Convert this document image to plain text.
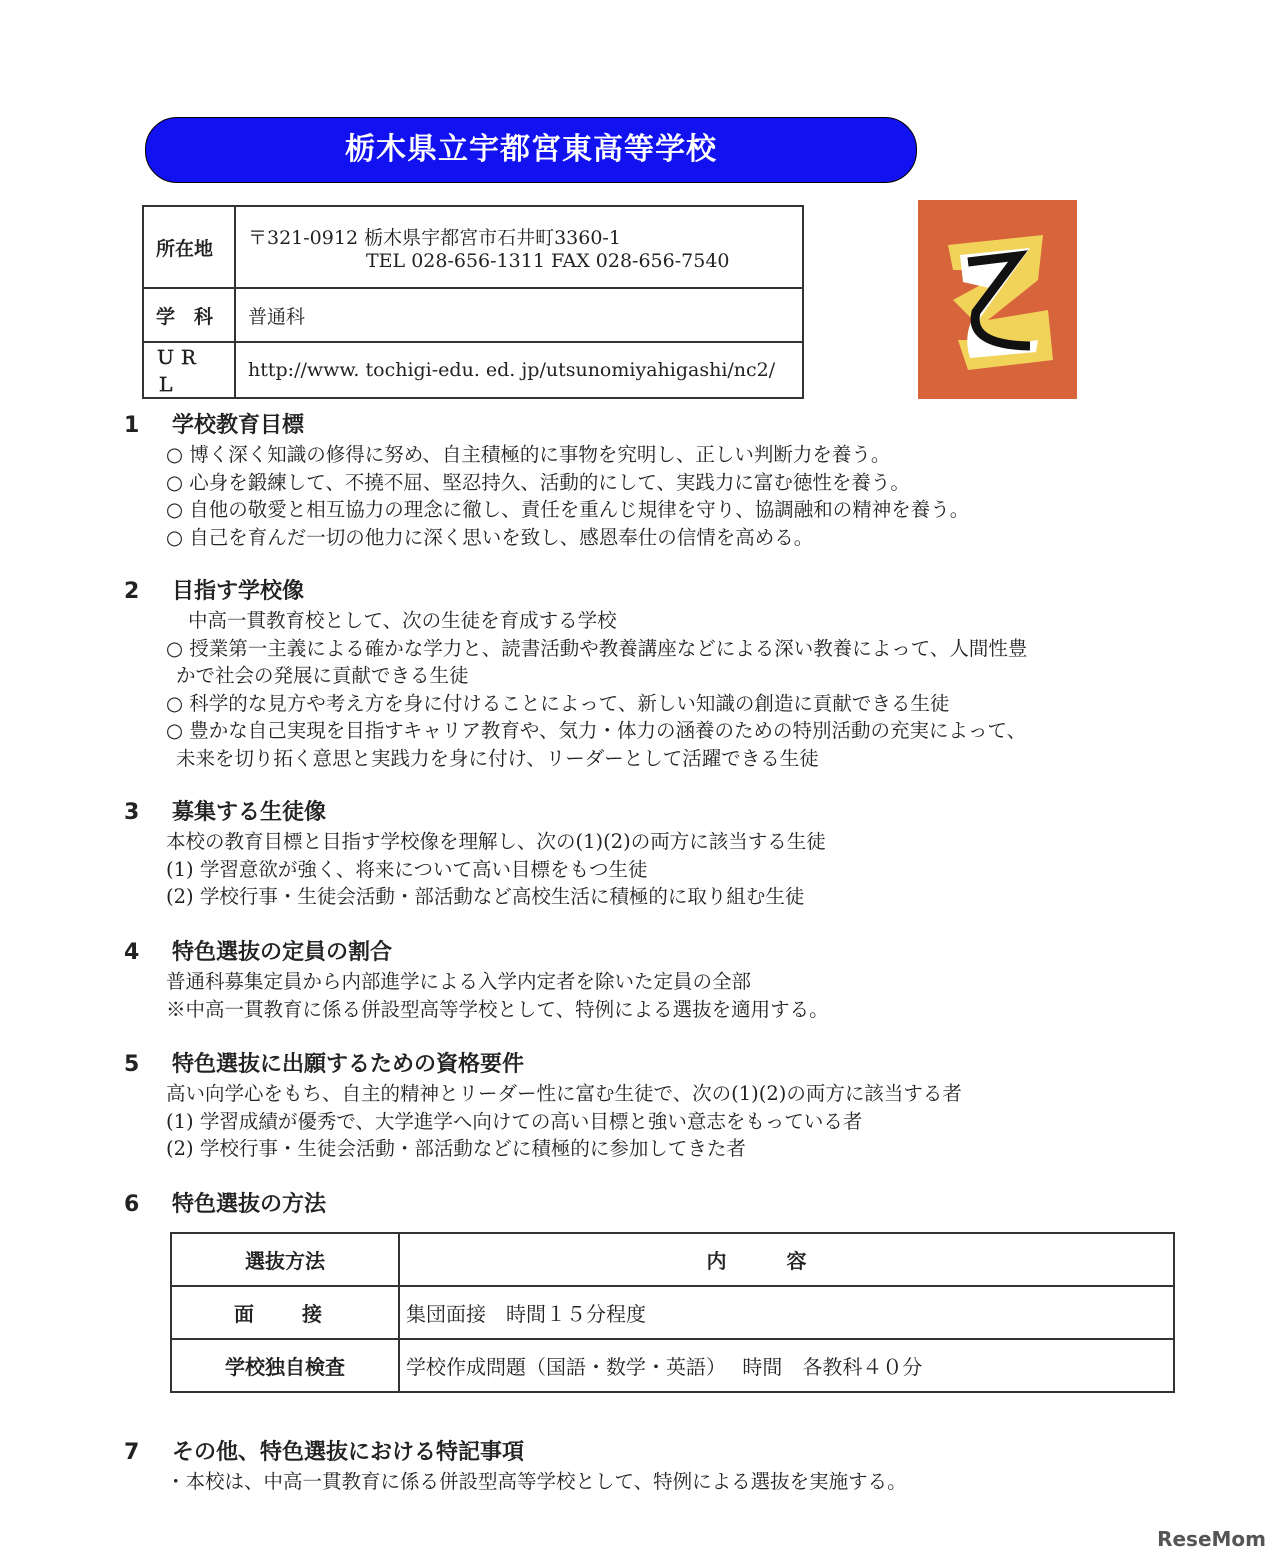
栃木県立宇都宮東高等学校
所在地	〒321-0912 栃木県宇都宮市石井町3360-1
TEL 028-656-1311 FAX 028-656-7540

学　科	普通科
ＵＲＬ	http://www. tochigi-edu. ed. jp/utsunomiyahigashi/nc2/
1 学校教育目標
○ 博く深く知識の修得に努め、自主積極的に事物を究明し、正しい判断力を養う。
○ 心身を鍛練して、不撓不屈、堅忍持久、活動的にして、実践力に富む徳性を養う。
○ 自他の敬愛と相互協力の理念に徹し、責任を重んじ規律を守り、協調融和の精神を養う。
○ 自己を育んだ一切の他力に深く思いを致し、感恩奉仕の信情を高める。
2 目指す学校像
中高一貫教育校として、次の生徒を育成する学校
○ 授業第一主義による確かな学力と、読書活動や教養講座などによる深い教養によって、人間性豊
かで社会の発展に貢献できる生徒
○ 科学的な見方や考え方を身に付けることによって、新しい知識の創造に貢献できる生徒
○ 豊かな自己実現を目指すキャリア教育や、気力・体力の涵養のための特別活動の充実によって、
未来を切り拓く意思と実践力を身に付け、リーダーとして活躍できる生徒
3 募集する生徒像
本校の教育目標と目指す学校像を理解し、次の(1)(2)の両方に該当する生徒
(1) 学習意欲が強く、将来について高い目標をもつ生徒
(2) 学校行事・生徒会活動・部活動など高校生活に積極的に取り組む生徒
4 特色選抜の定員の割合
普通科募集定員から内部進学による入学内定者を除いた定員の全部
※中高一貫教育に係る併設型高等学校として、特例による選抜を適用する。
5 特色選抜に出願するための資格要件
高い向学心をもち、自主的精神とリーダー性に富む生徒で、次の(1)(2)の両方に該当する者
(1) 学習成績が優秀で、大学進学へ向けての高い目標と強い意志をもっている者
(2) 学校行事・生徒会活動・部活動などに積極的に参加してきた者
6 特色選抜の方法
選抜方法	内容
面　接	集団面接　時間１５分程度
学校独自検査	学校作成問題（国語・数学・英語）　 時間　各教科４０分
7 その他、特色選抜における特記事項
・本校は、中高一貫教育に係る併設型高等学校として、特例による選抜を実施する。
ReseMom
